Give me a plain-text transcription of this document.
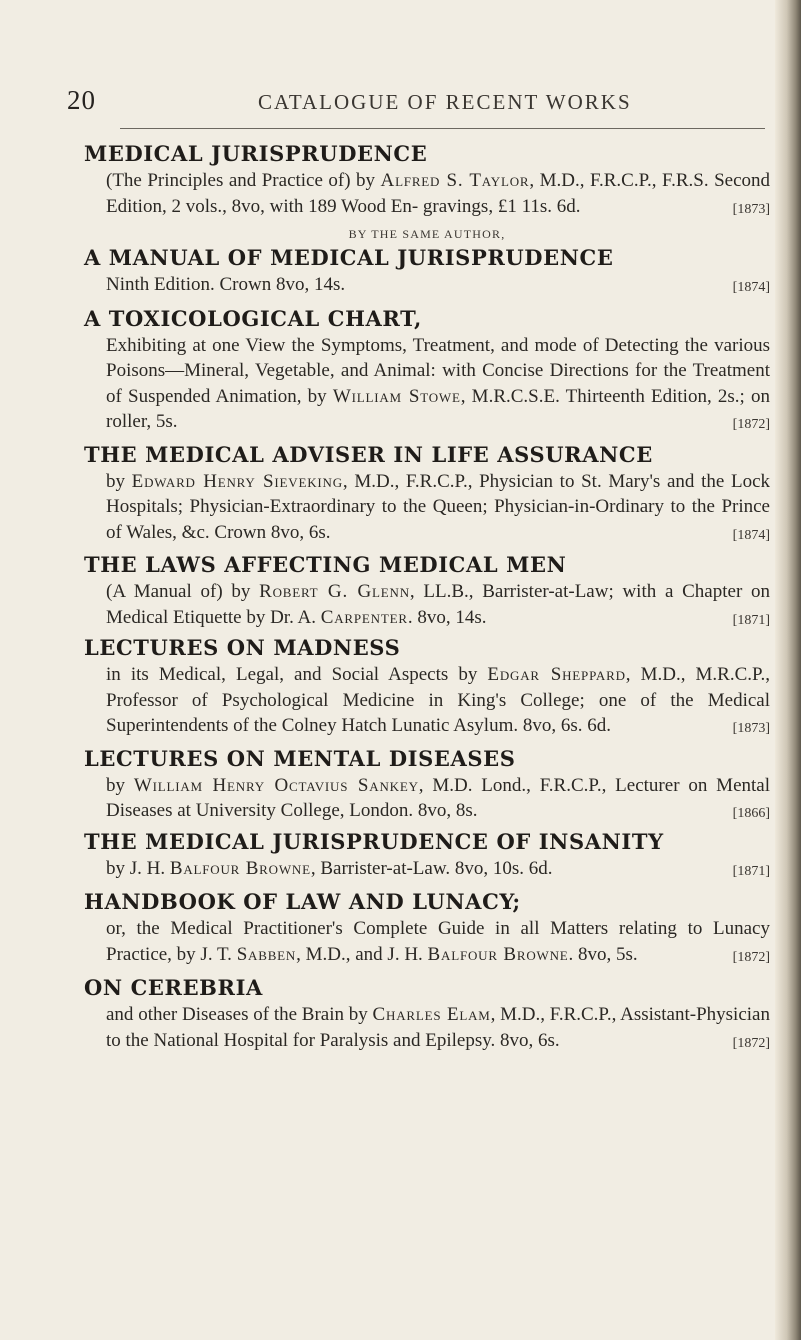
20	CATALOGUE OF RECENT WORKS
MEDICAL JURISPRUDENCE
(The Principles and Practice of) by Alfred S. Taylor, M.D., F.R.C.P., F.R.S. Second Edition, 2 vols., 8vo, with 189 Wood En- gravings, £1 11s. 6d.	[1873]
BY THE SAME AUTHOR,
A MANUAL OF MEDICAL JURISPRUDENCE
Ninth Edition. Crown 8vo, 14s.	[1874]
A TOXICOLOGICAL CHART,
Exhibiting at one View the Symptoms, Treatment, and mode of Detecting the various Poisons—Mineral, Vegetable, and Animal: with Concise Directions for the Treatment of Suspended Animation, by William Stowe, M.R.C.S.E. Thirteenth Edition, 2s.; on roller, 5s.	[1872]
THE MEDICAL ADVISER IN LIFE ASSURANCE
by Edward Henry Sieveking, M.D., F.R.C.P., Physician to St. Mary's and the Lock Hospitals; Physician-Extraordinary to the Queen; Physician-in-Ordinary to the Prince of Wales, &c. Crown 8vo, 6s.	[1874]
THE LAWS AFFECTING MEDICAL MEN
(A Manual of) by Robert G. Glenn, LL.B., Barrister-at-Law; with a Chapter on Medical Etiquette by Dr. A. Carpenter. 8vo, 14s.	[1871]
LECTURES ON MADNESS
in its Medical, Legal, and Social Aspects by Edgar Sheppard, M.D., M.R.C.P., Professor of Psychological Medicine in King's College; one of the Medical Superintendents of the Colney Hatch Lunatic Asylum. 8vo, 6s. 6d.	[1873]
LECTURES ON MENTAL DISEASES
by William Henry Octavius Sankey, M.D. Lond., F.R.C.P., Lecturer on Mental Diseases at University College, London. 8vo, 8s.	[1866]
THE MEDICAL JURISPRUDENCE OF INSANITY
by J. H. Balfour Browne, Barrister-at-Law. 8vo, 10s. 6d.	[1871]
HANDBOOK OF LAW AND LUNACY;
or, the Medical Practitioner's Complete Guide in all Matters relating to Lunacy Practice, by J. T. Sabben, M.D., and J. H. Balfour Browne. 8vo, 5s.	[1872]
ON CEREBRIA
and other Diseases of the Brain by Charles Elam, M.D., F.R.C.P., Assistant-Physician to the National Hospital for Paralysis and Epilepsy. 8vo, 6s.	[1872]
